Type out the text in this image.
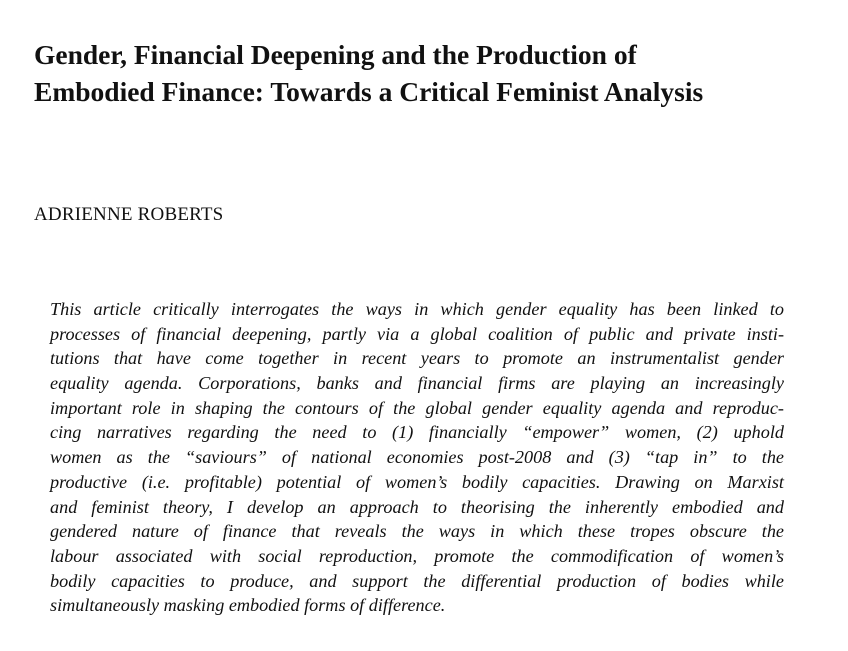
Gender, Financial Deepening and the Production of
Embodied Finance: Towards a Critical Feminist Analysis

ADRIENNE ROBERTS

This article critically interrogates the ways in which gender equality has been linked to
processes of financial deepening, partly via a global coalition of public and private insti-
tutions that have come together in recent years to promote an instrumentalist gender
equality agenda. Corporations, banks and financial firms are playing an increasingly
important role in shaping the contours of the global gender equality agenda and reproduc-
cing narratives regarding the need to (1) financially “empower” women, (2) uphold
women as the “saviours” of national economies post-2008 and (3) “tap in” to the
productive (i.e. profitable) potential of women’s bodily capacities. Drawing on Marxist
and feminist theory, I develop an approach to theorising the inherently embodied and
gendered nature of finance that reveals the ways in which these tropes obscure the
labour associated with social reproduction, promote the commodification of women’s
bodily capacities to produce, and support the differential production of bodies while
simultaneously masking embodied forms of difference.
